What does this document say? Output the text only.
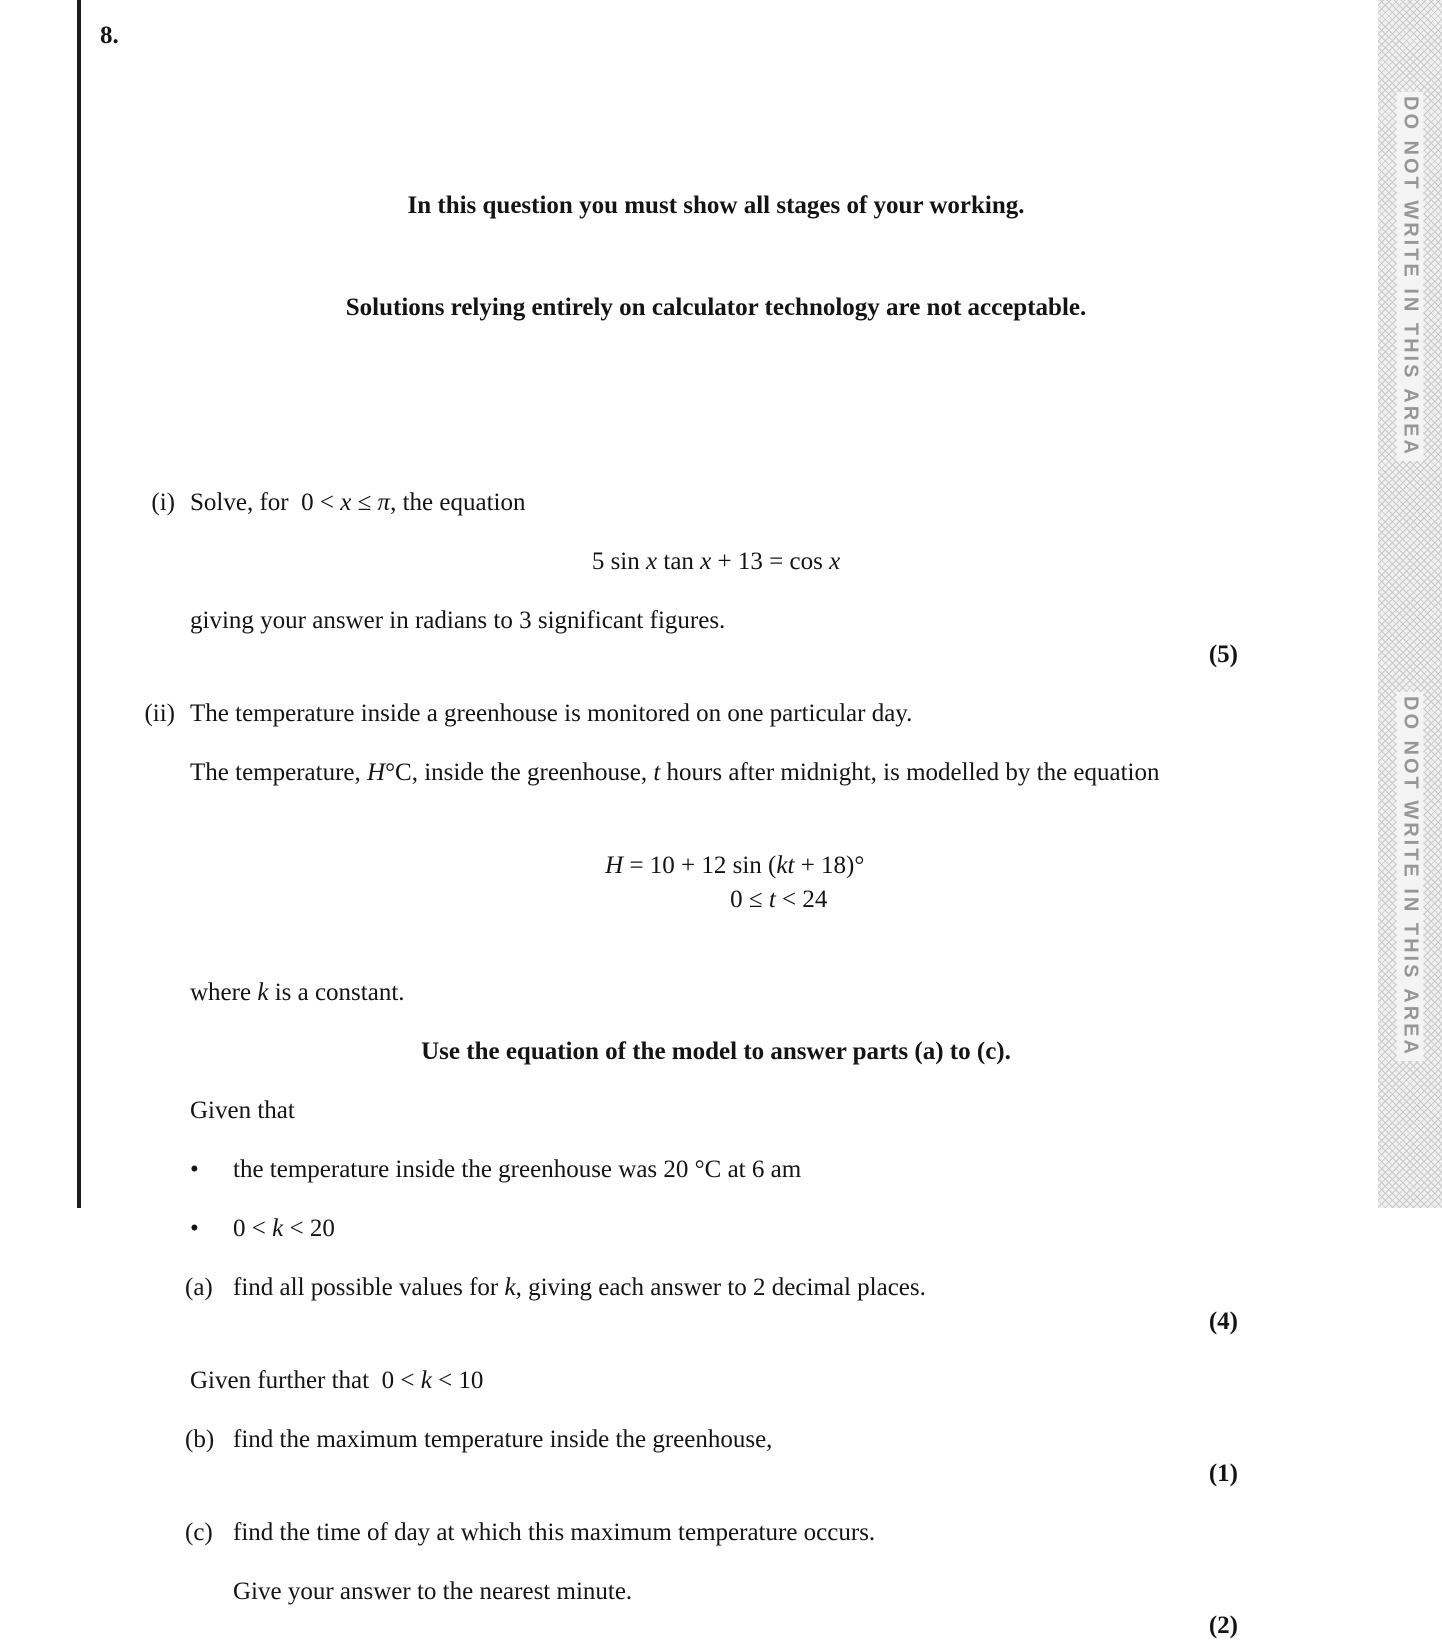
8.

In this question you must show all stages of your working.

Solutions relying entirely on calculator technology are not acceptable.

(i) Solve, for  0 < x ≤ π, the equation
5 sin x tan x + 13 = cos x
giving your answer in radians to 3 significant figures.
(5)
(ii) The temperature inside a greenhouse is monitored on one particular day.
The temperature, H°C, inside the greenhouse, t hours after midnight, is modelled by the equation

H = 10 + 12 sin (kt + 18)°
0 ≤ t < 24

where k is a constant.
Use the equation of the model to answer parts (a) to (c).
Given that
•	the temperature inside the greenhouse was 20 °C at 6 am
•	0 < k < 20
(a) find all possible values for k, giving each answer to 2 decimal places.
(4)
Given further that  0 < k < 10
(b) find the maximum temperature inside the greenhouse,
(1)
(c) find the time of day at which this maximum temperature occurs.
Give your answer to the nearest minute.
(2)
DO NOT WRITE IN THIS AREA
DO NOT WRITE IN THIS AREA
